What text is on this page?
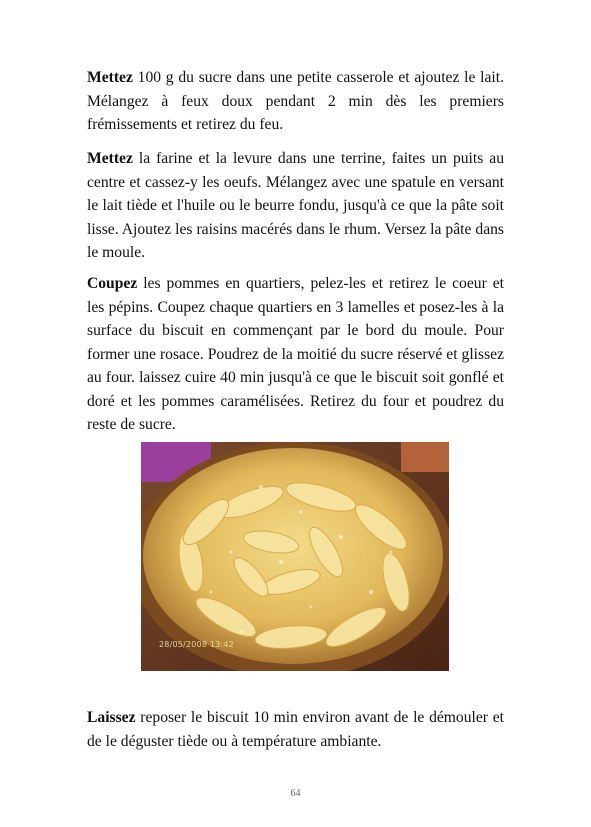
Mettez 100 g du sucre dans une petite casserole et ajoutez le lait. Mélangez à feux doux pendant 2 min dès les premiers frémissements et retirez du feu.

Mettez la farine et la levure dans une terrine, faites un puits au centre et cassez-y les oeufs. Mélangez avec une spatule en versant le lait tiède et l'huile ou le beurre fondu, jusqu'à ce que la pâte soit lisse. Ajoutez les raisins macérés dans le rhum. Versez la pâte dans le moule.

Coupez les pommes en quartiers, pelez-les et retirez le coeur et les pépins. Coupez chaque quartiers en 3 lamelles et posez-les à la surface du biscuit en commençant par le bord du moule. Pour former une rosace. Poudrez de la moitié du sucre réservé et glissez au four. laissez cuire 40 min jusqu'à ce que le biscuit soit gonflé et doré et les pommes caramélisées. Retirez du four et poudrez du reste de sucre.

28/05/2008 13:42

Laissez reposer le biscuit 10 min environ avant de le démouler et de le déguster tiède ou à température ambiante.

64
